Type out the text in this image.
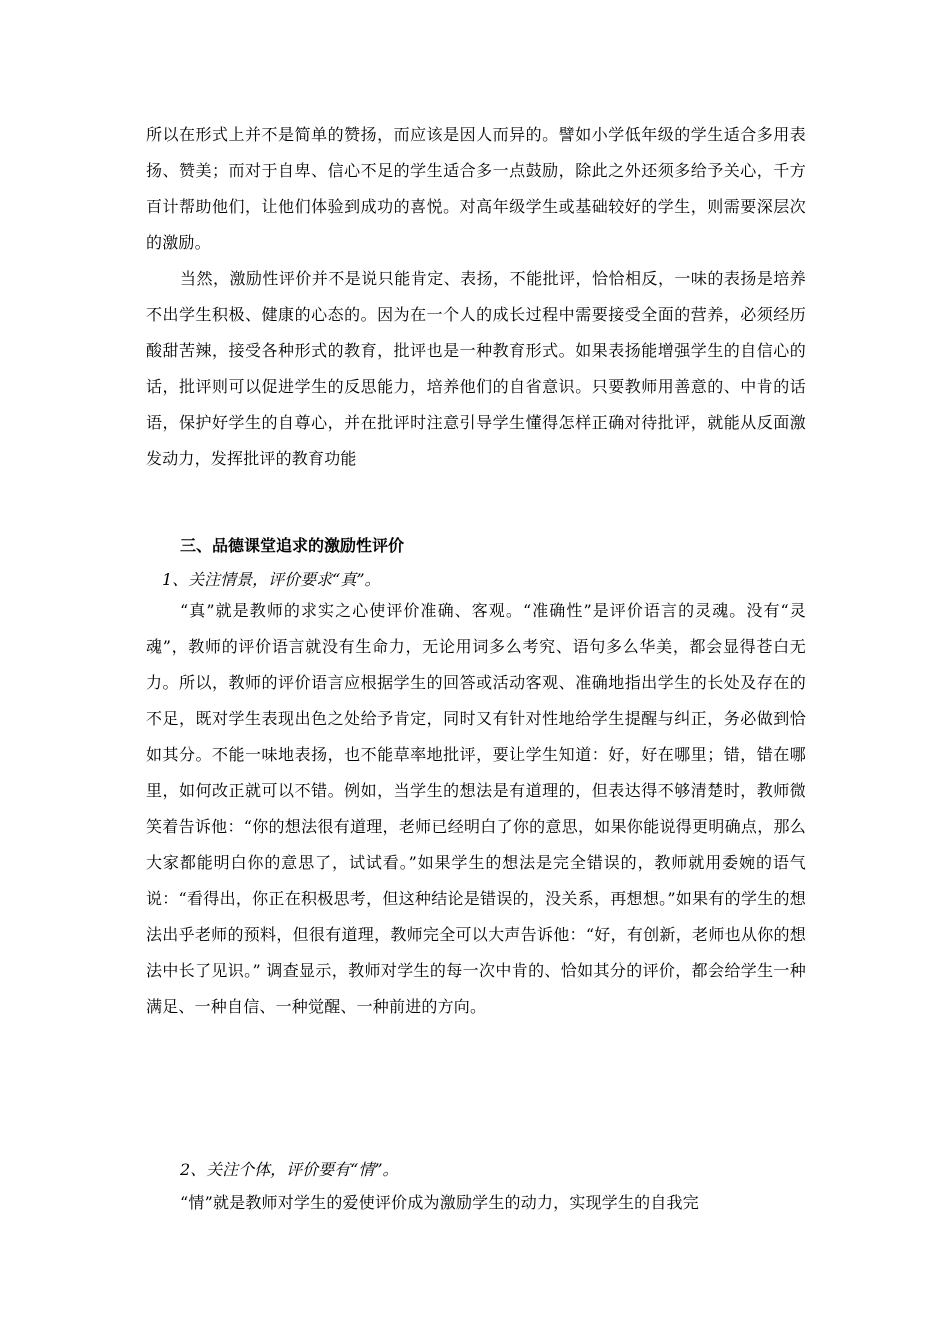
所以在形式上并不是简单的赞扬，而应该是因人而异的。譬如小学低年级的学生适合多用表扬、赞美；而对于自卑、信心不足的学生适合多一点鼓励，除此之外还须多给予关心，千方百计帮助他们，让他们体验到成功的喜悦。对高年级学生或基础较好的学生，则需要深层次的激励。

当然，激励性评价并不是说只能肯定、表扬，不能批评，恰恰相反，一味的表扬是培养不出学生积极、健康的心态的。因为在一个人的成长过程中需要接受全面的营养，必须经历酸甜苦辣，接受各种形式的教育，批评也是一种教育形式。如果表扬能增强学生的自信心的话，批评则可以促进学生的反思能力，培养他们的自省意识。只要教师用善意的、中肯的话语，保护好学生的自尊心，并在批评时注意引导学生懂得怎样正确对待批评，就能从反面激发动力，发挥批评的教育功能

三、品德课堂追求的激励性评价

1、关注情景，评价要求“真”。

“真”就是教师的求实之心使评价准确、客观。“准确性”是评价语言的灵魂。没有“灵魂”，教师的评价语言就没有生命力，无论用词多么考究、语句多么华美，都会显得苍白无力。所以，教师的评价语言应根据学生的回答或活动客观、准确地指出学生的长处及存在的不足，既对学生表现出色之处给予肯定，同时又有针对性地给学生提醒与纠正，务必做到恰如其分。不能一味地表扬，也不能草率地批评，要让学生知道：好，好在哪里；错，错在哪里，如何改正就可以不错。例如，当学生的想法是有道理的，但表达得不够清楚时，教师微笑着告诉他：“你的想法很有道理，老师已经明白了你的意思，如果你能说得更明确点，那么大家都能明白你的意思了，试试看。”如果学生的想法是完全错误的，教师就用委婉的语气说：“看得出，你正在积极思考，但这种结论是错误的，没关系，再想想。”如果有的学生的想法出乎老师的预料，但很有道理，教师完全可以大声告诉他：“好，有创新，老师也从你的想法中长了见识。” 调查显示，教师对学生的每一次中肯的、恰如其分的评价，都会给学生一种满足、一种自信、一种觉醒、一种前进的方向。

2、关注个体，评价要有“情”。

“情”就是教师对学生的爱使评价成为激励学生的动力，实现学生的自我完
